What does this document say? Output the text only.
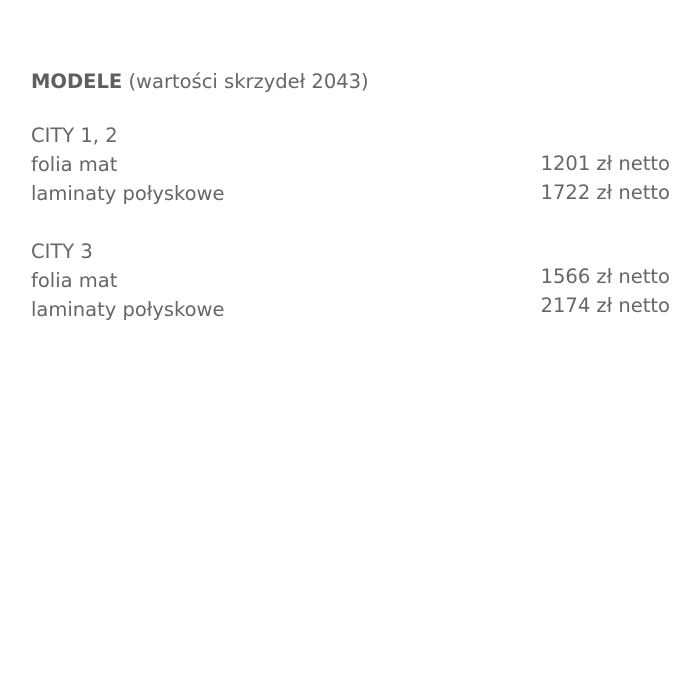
MODELE (wartości skrzydeł 2043)
CITY 1, 2
folia mat	1201 zł netto
laminaty połyskowe	1722 zł netto
CITY 3
folia mat	1566 zł netto
laminaty połyskowe	2174 zł netto
